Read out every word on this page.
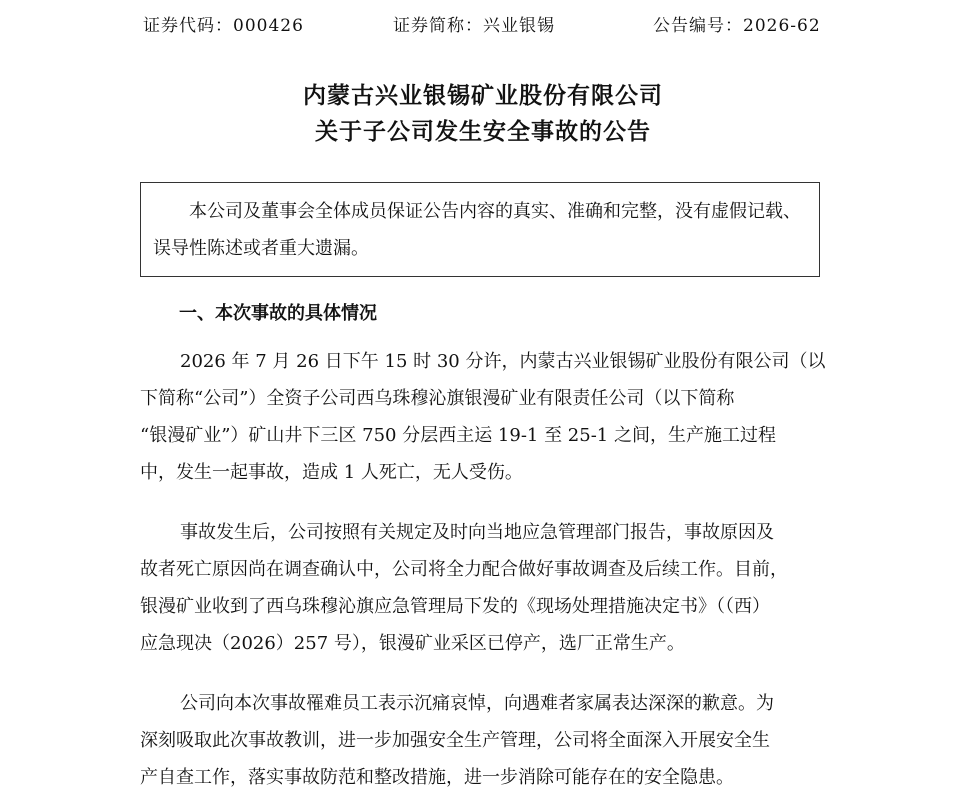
证券代码：000426	证券简称：兴业银锡	公告编号：2026-62
内蒙古兴业银锡矿业股份有限公司
关于子公司发生安全事故的公告
本公司及董事会全体成员保证公告内容的真实、准确和完整，没有虚假记载、误导性陈述或者重大遗漏。
一、本次事故的具体情况
2026 年 7 月 26 日下午 15 时 30 分许，内蒙古兴业银锡矿业股份有限公司（以
下简称“公司”）全资子公司西乌珠穆沁旗银漫矿业有限责任公司（以下简称
“银漫矿业”）矿山井下三区 750 分层西主运 19-1 至 25-1 之间，生产施工过程
中，发生一起事故，造成 1 人死亡，无人受伤。
事故发生后，公司按照有关规定及时向当地应急管理部门报告，事故原因及
故者死亡原因尚在调查确认中，公司将全力配合做好事故调查及后续工作。目前，
银漫矿业收到了西乌珠穆沁旗应急管理局下发的《现场处理措施决定书》（（西）
应急现决（2026）257 号），银漫矿业采区已停产，选厂正常生产。
公司向本次事故罹难员工表示沉痛哀悼，向遇难者家属表达深深的歉意。为
深刻吸取此次事故教训，进一步加强安全生产管理，公司将全面深入开展安全生
产自查工作，落实事故防范和整改措施，进一步消除可能存在的安全隐患。
